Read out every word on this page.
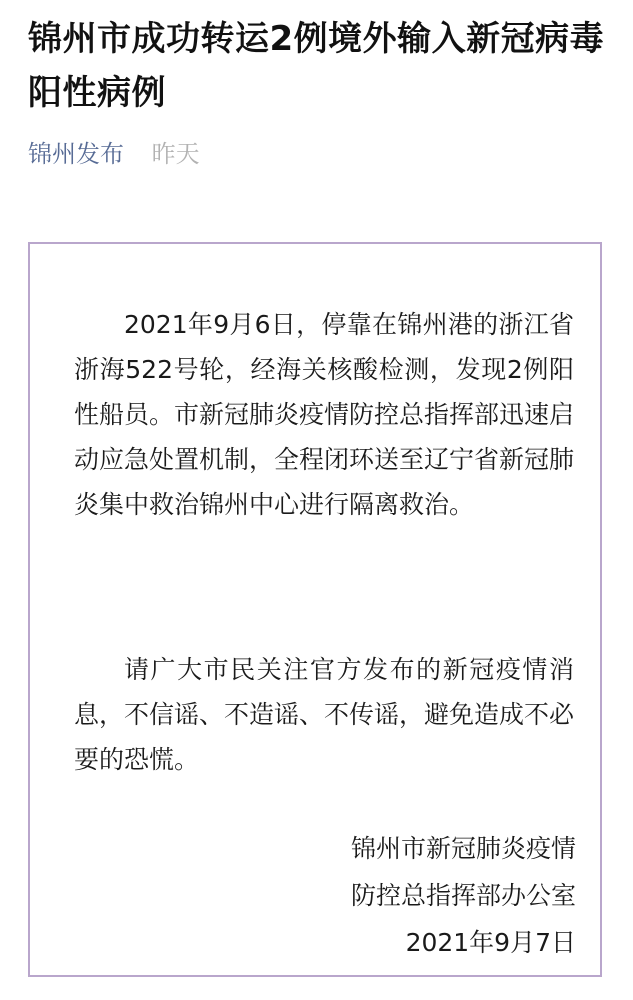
锦州市成功转运2例境外输入新冠病毒阳性病例
锦州发布 昨天

2021年9月6日，停靠在锦州港的浙江省浙海522号轮，经海关核酸检测，发现2例阳性船员。市新冠肺炎疫情防控总指挥部迅速启动应急处置机制，全程闭环送至辽宁省新冠肺炎集中救治锦州中心进行隔离救治。

请广大市民关注官方发布的新冠疫情消息，不信谣、不造谣、不传谣，避免造成不必要的恐慌。

锦州市新冠肺炎疫情

防控总指挥部办公室

2021年9月7日
